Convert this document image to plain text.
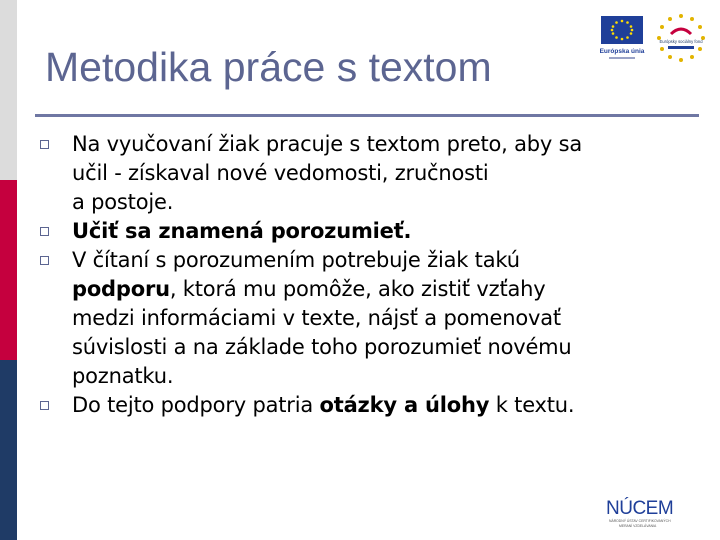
Metodika práce s textom	Európska únia
Európsky sociálny fond
Na vyučovaní žiak pracuje s textom preto, aby sa
učil - získaval nové vedomosti, zručnosti
a postoje.
Učiť sa znamená porozumieť.
V čítaní s porozumením potrebuje žiak takú
podporu, ktorá mu pomôže, ako zistiť vzťahy
medzi informáciami v texte, nájsť a pomenovať
súvislosti a na základe toho porozumieť novému
poznatku.
Do tejto podpory patria otázky a úlohy k textu.
NÚCEM
NÁRODNÝ ÚSTAV CERTIFIKOVANÝCH
MERANÍ VZDELÁVANIA
